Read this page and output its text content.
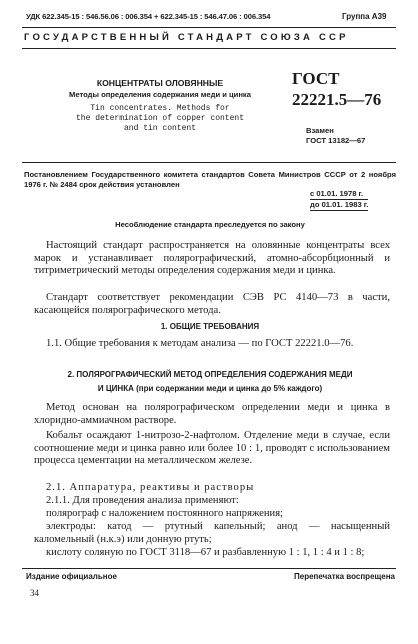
УДК 622.345-15 : 546.56.06 : 006.354 + 622.345-15 : 546.47.06 : 006.354	Группа А39
ГОСУДАРСТВЕННЫЙ СТАНДАРТ СОЮЗА ССР
КОНЦЕНТРАТЫ ОЛОВЯННЫЕ
Методы определения содержания меди и цинка
Tin concentrates. Methods for
the determination of copper content
and tin content
ГОСТ
22221.5—76
Взамен
ГОСТ 13182—67
Постановлением Государственного комитета стандартов Совета Министров СССР от 2 ноября 1976 г. № 2484 срок действия установлен
с 01.01. 1978 г.
до 01.01. 1983 г.
Несоблюдение стандарта преследуется по закону
Настоящий стандарт распространяется на оловянные концентраты всех марок и устанавливает полярографический, атомно-абсорбционный и титриметрический методы определения содержания меди и цинка.
Стандарт соответствует рекомендации СЭВ РС 4140—73 в части, касающейся полярографического метода.
1. ОБЩИЕ ТРЕБОВАНИЯ
1.1. Общие требования к методам анализа — по ГОСТ 22221.0—76.
2. ПОЛЯРОГРАФИЧЕСКИЙ МЕТОД ОПРЕДЕЛЕНИЯ СОДЕРЖАНИЯ МЕДИ
И ЦИНКА (при содержании меди и цинка до 5% каждого)
Метод основан на полярографическом определении меди и цинка в хлоридно-аммиачном растворе.
Кобальт осаждают 1-нитрозо-2-нафтолом. Отделение меди в случае, если соотношение меди и цинка равно или более 10 : 1, проводят с использованием процесса цементации на металлическом железе.
2.1. Аппаратура, реактивы и растворы
2.1.1. Для проведения анализа применяют:
полярограф с наложением постоянного напряжения;
электроды: катод — ртутный капельный; анод — насыщенный каломельный (н.к.э) или донную ртуть;
кислоту соляную по ГОСТ 3118—67 и разбавленную 1 : 1, 1 : 4 и 1 : 8;
Издание официальное	Перепечатка воспрещена
34
